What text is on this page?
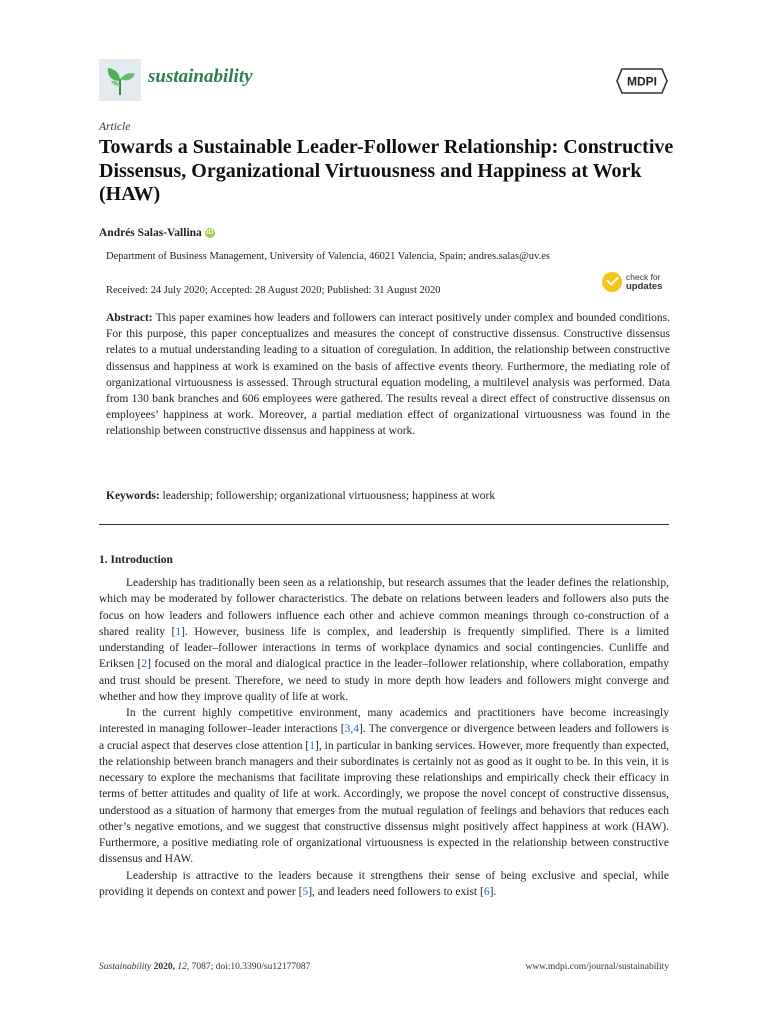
sustainability	MDPI
Article
Towards a Sustainable Leader-Follower Relationship: Constructive Dissensus, Organizational Virtuousness and Happiness at Work (HAW)
Andrés Salas-Vallina iD
Department of Business Management, University of Valencia, 46021 Valencia, Spain; andres.salas@uv.es
Received: 24 July 2020; Accepted: 28 August 2020; Published: 31 August 2020
check for
updates
Abstract: This paper examines how leaders and followers can interact positively under complex and bounded conditions. For this purpose, this paper conceptualizes and measures the concept of constructive dissensus. Constructive dissensus relates to a mutual understanding leading to a situation of coregulation. In addition, the relationship between constructive dissensus and happiness at work is examined on the basis of affective events theory. Furthermore, the mediating role of organizational virtuousness is assessed. Through structural equation modeling, a multilevel analysis was performed. Data from 130 bank branches and 606 employees were gathered. The results reveal a direct effect of constructive dissensus on employees’ happiness at work. Moreover, a partial mediation effect of organizational virtuousness was found in the relationship between constructive dissensus and happiness at work.
Keywords: leadership; followership; organizational virtuousness; happiness at work
1. Introduction

Leadership has traditionally been seen as a relationship, but research assumes that the leader defines the relationship, which may be moderated by follower characteristics. The debate on relations between leaders and followers also puts the focus on how leaders and followers influence each other and achieve common meanings through co-construction of a shared reality [1]. However, business life is complex, and leadership is frequently simplified. There is a limited understanding of leader–follower interactions in terms of workplace dynamics and social contingencies. Cunliffe and Eriksen [2] focused on the moral and dialogical practice in the leader–follower relationship, where collaboration, empathy and trust should be present. Therefore, we need to study in more depth how leaders and followers might converge and whether and how they improve quality of life at work.

In the current highly competitive environment, many academics and practitioners have become increasingly interested in managing follower–leader interactions [3,4]. The convergence or divergence between leaders and followers is a crucial aspect that deserves close attention [1], in particular in banking services. However, more frequently than expected, the relationship between branch managers and their subordinates is certainly not as good as it ought to be. In this vein, it is necessary to explore the mechanisms that facilitate improving these relationships and empirically check their efficacy in terms of better attitudes and quality of life at work. Accordingly, we propose the novel concept of constructive dissensus, understood as a situation of harmony that emerges from the mutual regulation of feelings and behaviors that reduces each other’s negative emotions, and we suggest that constructive dissensus might positively affect happiness at work (HAW). Furthermore, a positive mediating role of organizational virtuousness is expected in the relationship between constructive dissensus and HAW.

Leadership is attractive to the leaders because it strengthens their sense of being exclusive and special, while providing it depends on context and power [5], and leaders need followers to exist [6].

Sustainability 2020, 12, 7087; doi:10.3390/su12177087	www.mdpi.com/journal/sustainability
